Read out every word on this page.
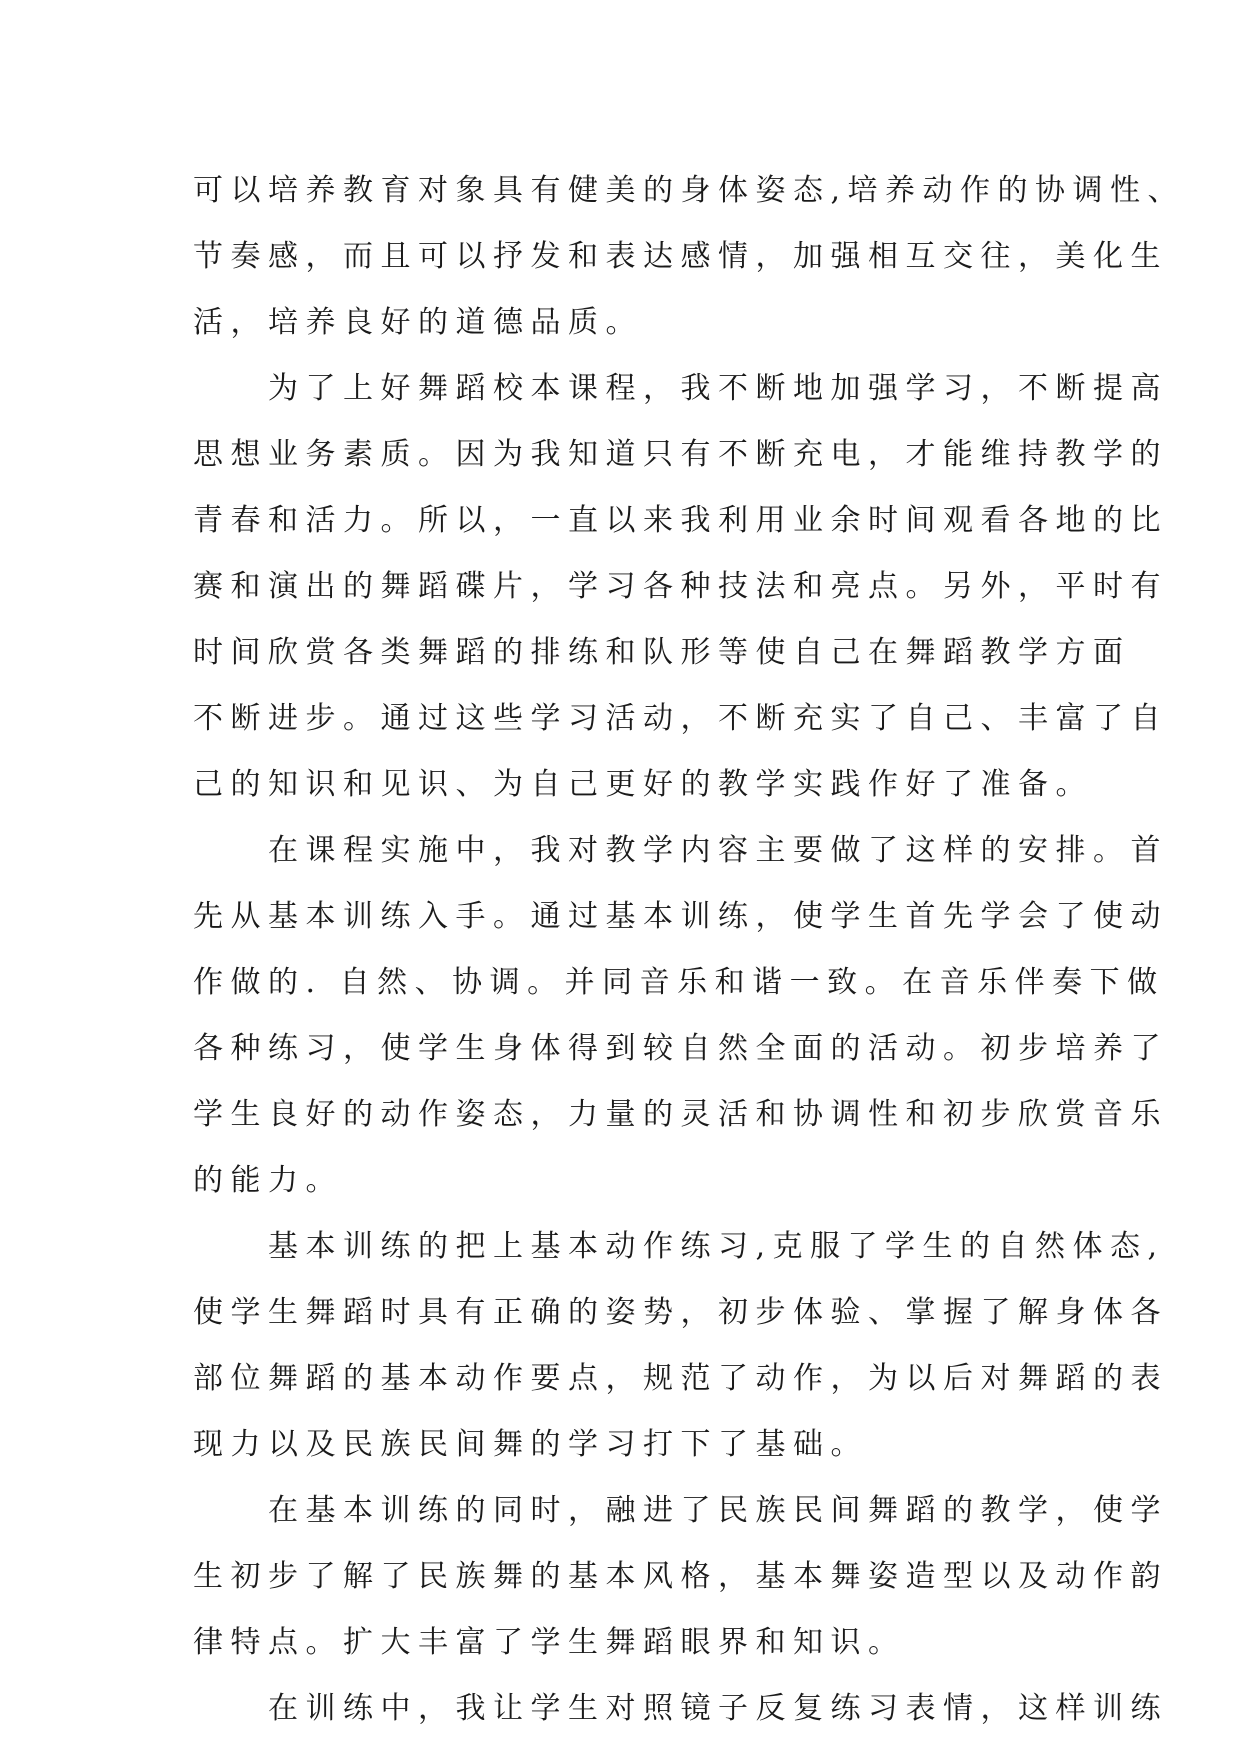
可以培养教育对象具有健美的身体姿态,培养动作的协调性、
节奏感，而且可以抒发和表达感情，加强相互交往，美化生
活，培养良好的道德品质。
　　为了上好舞蹈校本课程，我不断地加强学习，不断提高
思想业务素质。因为我知道只有不断充电，才能维持教学的
青春和活力。所以，一直以来我利用业余时间观看各地的比
赛和演出的舞蹈碟片，学习各种技法和亮点。另外，平时有
时间欣赏各类舞蹈的排练和队形等使自己在舞蹈教学方面
不断进步。通过这些学习活动，不断充实了自己、丰富了自
己的知识和见识、为自己更好的教学实践作好了准备。
　　在课程实施中，我对教学内容主要做了这样的安排。首
先从基本训练入手。通过基本训练，使学生首先学会了使动
作做的. 自然、协调。并同音乐和谐一致。在音乐伴奏下做
各种练习，使学生身体得到较自然全面的活动。初步培养了
学生良好的动作姿态，力量的灵活和协调性和初步欣赏音乐
的能力。
　　基本训练的把上基本动作练习,克服了学生的自然体态,
使学生舞蹈时具有正确的姿势，初步体验、掌握了解身体各
部位舞蹈的基本动作要点，规范了动作，为以后对舞蹈的表
现力以及民族民间舞的学习打下了基础。
　　在基本训练的同时，融进了民族民间舞蹈的教学，使学
生初步了解了民族舞的基本风格，基本舞姿造型以及动作韵
律特点。扩大丰富了学生舞蹈眼界和知识。
　　在训练中，我让学生对照镜子反复练习表情，这样训练
